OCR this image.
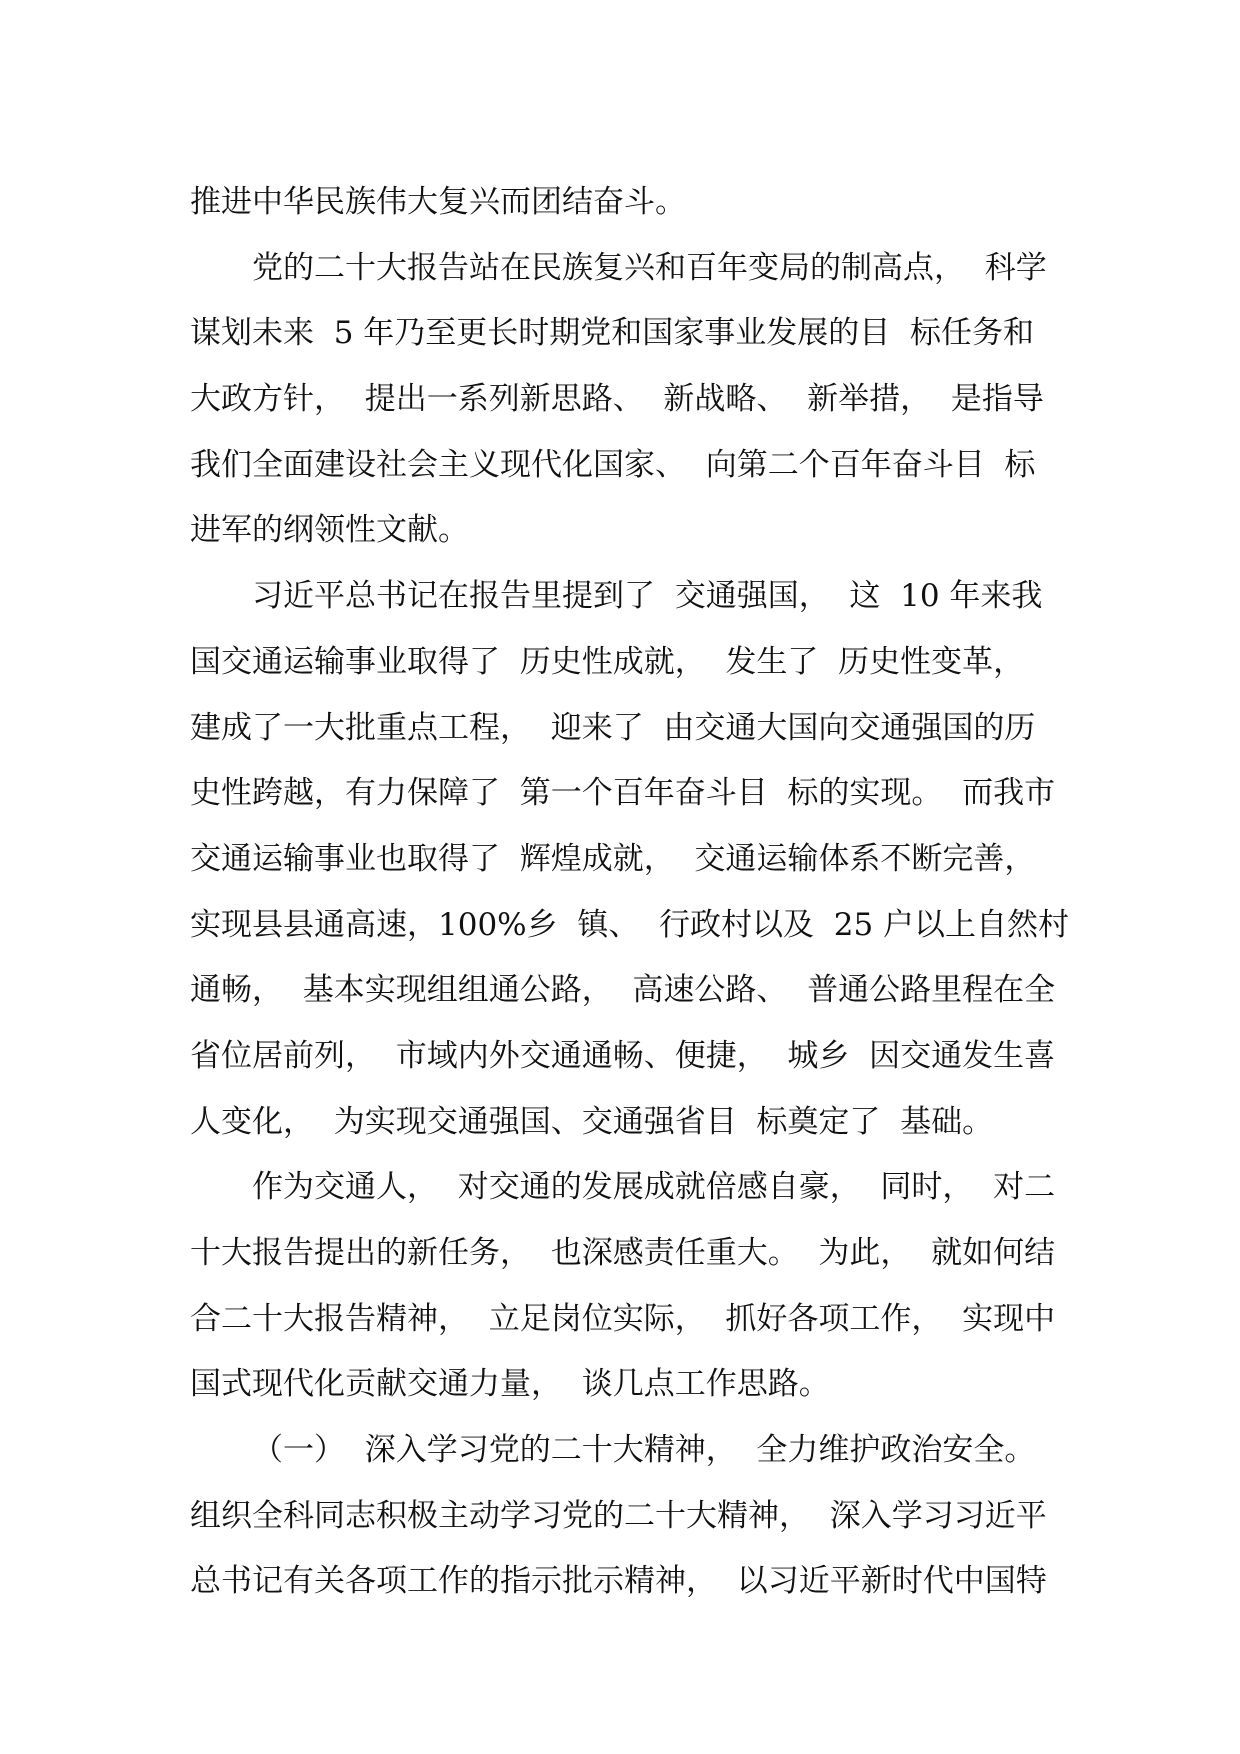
推进中华民族伟大复兴而团结奋斗。
党的二十大报告站在民族复兴和百年变局的制高点，  科学
谋划未来  5 年乃至更长时期党和国家事业发展的目  标任务和
大政方针，  提出一系列新思路、  新战略、  新举措，  是指导
我们全面建设社会主义现代化国家、  向第二个百年奋斗目  标
进军的纲领性文献。
习近平总书记在报告里提到了  交通强国，  这  10 年来我
国交通运输事业取得了  历史性成就，  发生了  历史性变革，
建成了一大批重点工程，  迎来了  由交通大国向交通强国的历
史性跨越，有力保障了  第一个百年奋斗目  标的实现。  而我市
交通运输事业也取得了  辉煌成就，  交通运输体系不断完善，
实现县县通高速，100%乡  镇、  行政村以及  25 户以上自然村
通畅，  基本实现组组通公路，  高速公路、  普通公路里程在全
省位居前列，  市域内外交通通畅、便捷，  城乡  因交通发生喜
人变化，  为实现交通强国、交通强省目  标奠定了  基础。
作为交通人，  对交通的发展成就倍感自豪，  同时，  对二
十大报告提出的新任务，  也深感责任重大。  为此，  就如何结
合二十大报告精神，  立足岗位实际，  抓好各项工作，  实现中
国式现代化贡献交通力量，  谈几点工作思路。
（一）  深入学习党的二十大精神，  全力维护政治安全。
组织全科同志积极主动学习党的二十大精神，  深入学习习近平
总书记有关各项工作的指示批示精神，  以习近平新时代中国特
